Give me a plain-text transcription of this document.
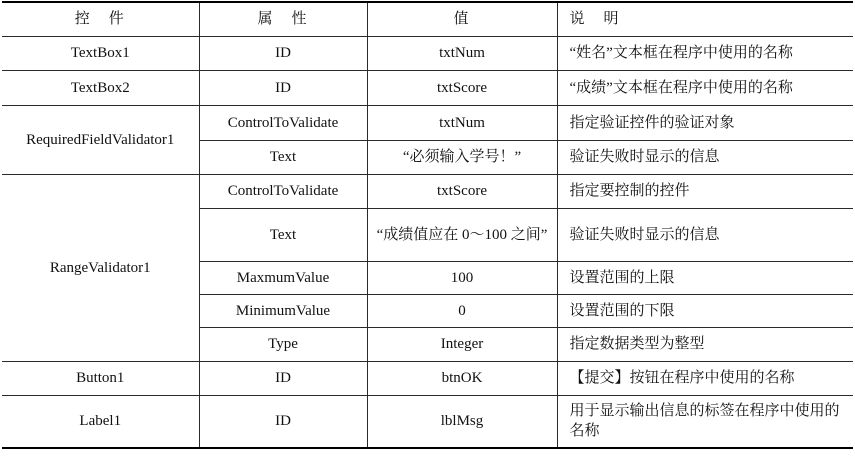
控　件	属　性	值	说　明
TextBox1	ID	txtNum	“姓名”文本框在程序中使用的名称
TextBox2	ID	txtScore	“成绩”文本框在程序中使用的名称
RequiredFieldValidator1	ControlToValidate	txtNum	指定验证控件的验证对象
	Text	“必须输入学号！”	验证失败时显示的信息
RangeValidator1	ControlToValidate	txtScore	指定要控制的控件
	Text	“成绩值应在 0～100 之间”	验证失败时显示的信息
	MaxmumValue	100	设置范围的上限
	MinimumValue	0	设置范围的下限
	Type	Integer	指定数据类型为整型
Button1	ID	btnOK	【提交】按钮在程序中使用的名称
Label1	ID	lblMsg	用于显示输出信息的标签在程序中使用的名称
